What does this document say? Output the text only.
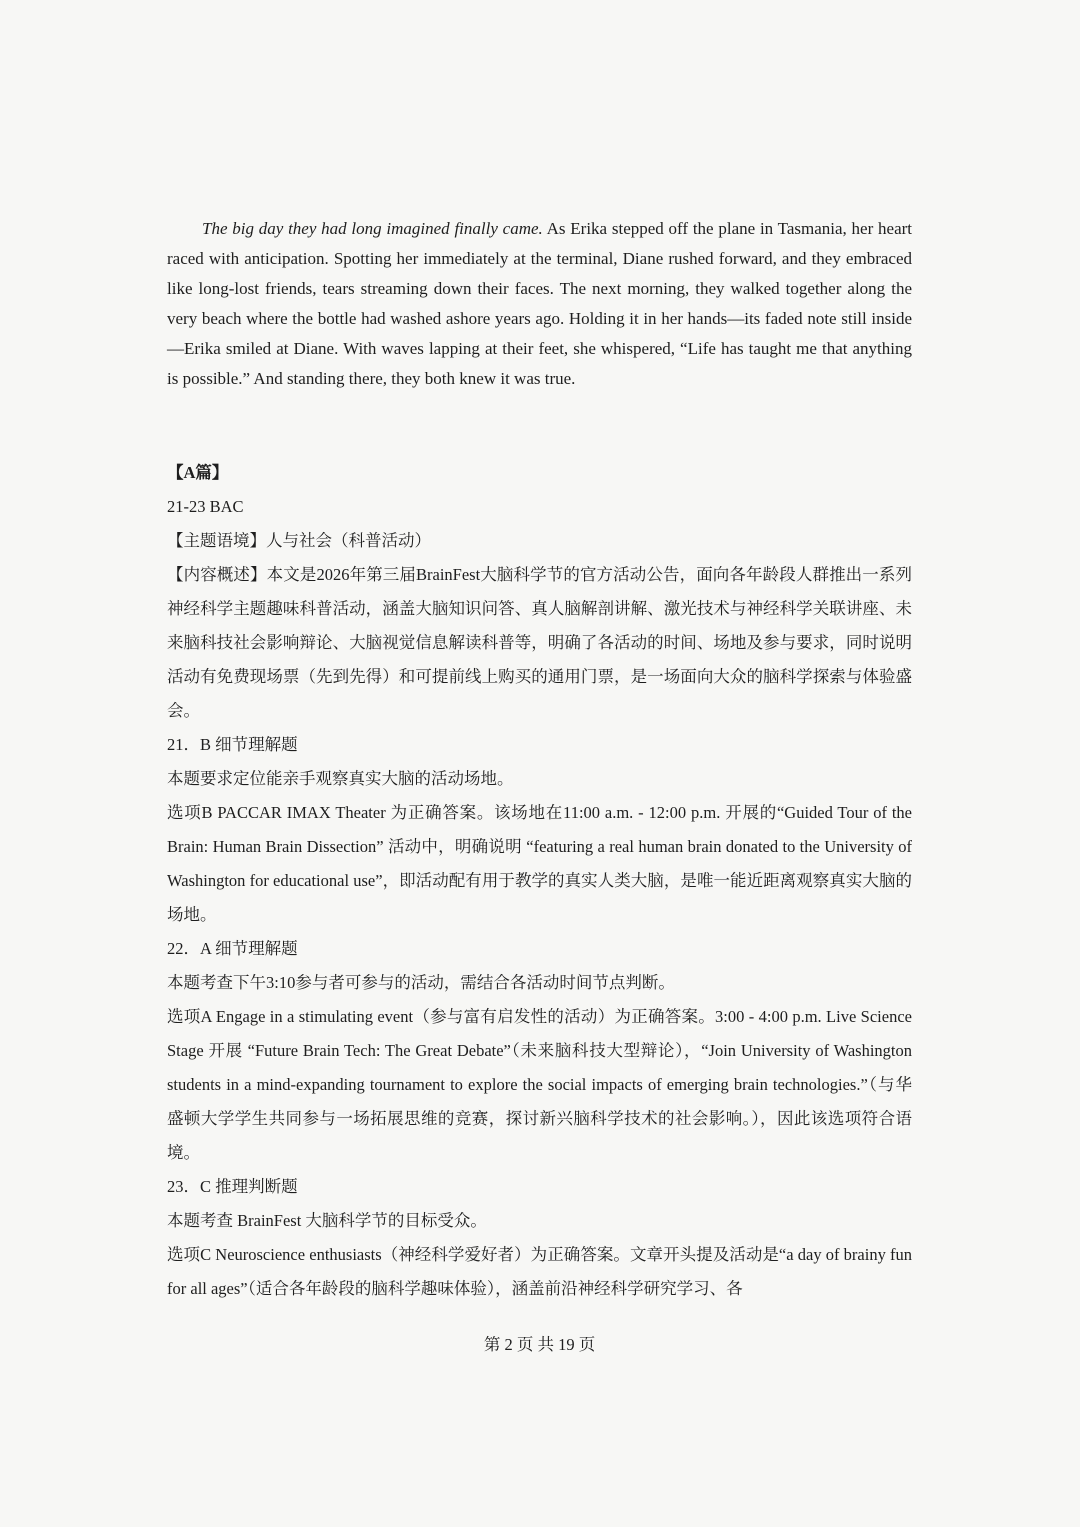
The big day they had long imagined finally came. As Erika stepped off the plane in Tasmania, her heart raced with anticipation. Spotting her immediately at the terminal, Diane rushed forward, and they embraced like long-lost friends, tears streaming down their faces. The next morning, they walked together along the very beach where the bottle had washed ashore years ago. Holding it in her hands—its faded note still inside—Erika smiled at Diane. With waves lapping at their feet, she whispered, “Life has taught me that anything is possible.” And standing there, they both knew it was true.

【A篇】

21-23 BAC

【主题语境】人与社会（科普活动）

【内容概述】本文是2026年第三届BrainFest大脑科学节的官方活动公告，面向各年龄段人群推出一系列神经科学主题趣味科普活动，涵盖大脑知识问答、真人脑解剖讲解、激光技术与神经科学关联讲座、未来脑科技社会影响辩论、大脑视觉信息解读科普等，明确了各活动的时间、场地及参与要求，同时说明活动有免费现场票（先到先得）和可提前线上购买的通用门票，是一场面向大众的脑科学探索与体验盛会。

21．B 细节理解题

本题要求定位能亲手观察真实大脑的活动场地。

选项B PACCAR IMAX Theater 为正确答案。该场地在11:00 a.m. - 12:00 p.m. 开展的“Guided Tour of the Brain: Human Brain Dissection” 活动中，明确说明 “featuring a real human brain donated to the University of Washington for educational use”，即活动配有用于教学的真实人类大脑，是唯一能近距离观察真实大脑的场地。

22．A 细节理解题

本题考查下午3:10参与者可参与的活动，需结合各活动时间节点判断。

选项A Engage in a stimulating event（参与富有启发性的活动）为正确答案。3:00 - 4:00 p.m. Live Science Stage 开展 “Future Brain Tech: The Great Debate”（未来脑科技大型辩论），“Join University of Washington students in a mind-expanding tournament to explore the social impacts of emerging brain technologies.”（与华盛顿大学学生共同参与一场拓展思维的竞赛，探讨新兴脑科学技术的社会影响。），因此该选项符合语境。

23．C 推理判断题

本题考查 BrainFest 大脑科学节的目标受众。

选项C Neuroscience enthusiasts（神经科学爱好者）为正确答案。文章开头提及活动是“a day of brainy fun for all ages”（适合各年龄段的脑科学趣味体验），涵盖前沿神经科学研究学习、各

第 2 页 共 19 页
